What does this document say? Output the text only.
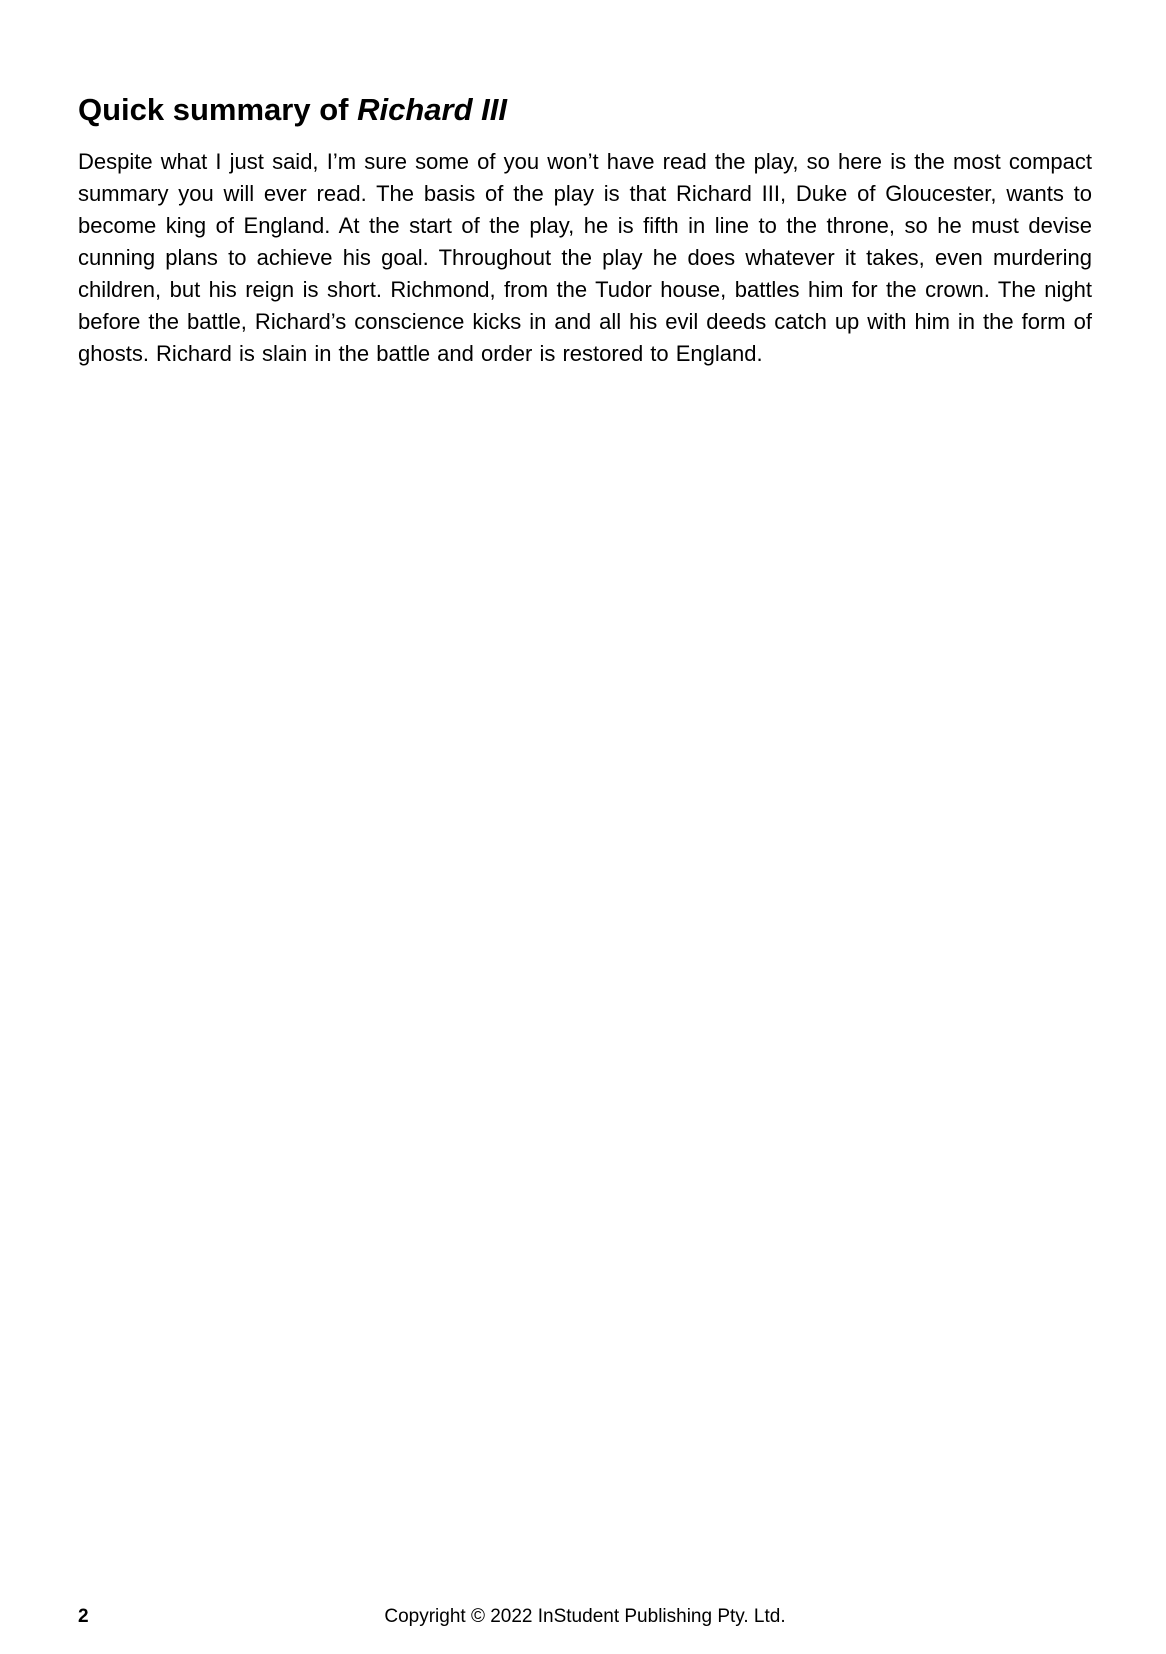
Quick summary of Richard III

Despite what I just said, I’m sure some of you won’t have read the play, so here is the most compact summary you will ever read. The basis of the play is that Richard III, Duke of Gloucester, wants to become king of England. At the start of the play, he is fifth in line to the throne, so he must devise cunning plans to achieve his goal. Throughout the play he does whatever it takes, even murdering children, but his reign is short. Richmond, from the Tudor house, battles him for the crown. The night before the battle, Richard’s conscience kicks in and all his evil deeds catch up with him in the form of ghosts. Richard is slain in the battle and order is restored to England.

2	Copyright © 2022 InStudent Publishing Pty. Ltd.
